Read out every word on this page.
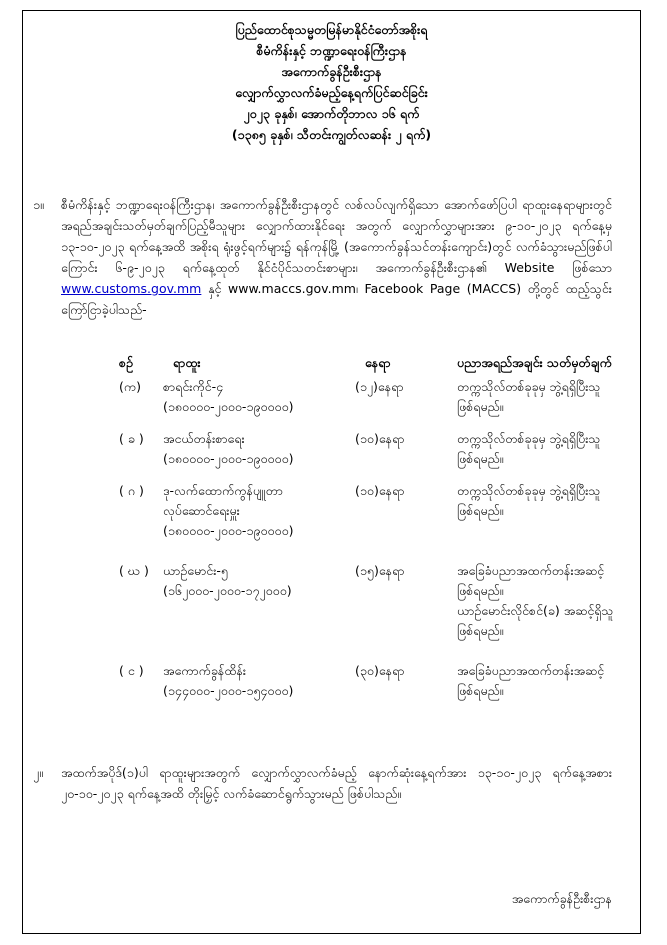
ပြည်ထောင်စုသမ္မတမြန်မာနိုင်ငံတော်အစိုးရ
စီမံကိန်းနှင့် ဘဏ္ဍာရေးဝန်ကြီးဌာန
အကောက်ခွန်ဦးစီးဌာန
လျှောက်လွှာလက်ခံမည့်နေ့ရက်ပြင်ဆင်ခြင်း
၂၀၂၃ ခုနှစ်၊ အောက်တိုဘာလ ၁၆ ရက်
(၁၃၈၅ ခုနှစ်၊ သီတင်းကျွတ်လဆန်း ၂ ရက်)
၁။ စီမံကိန်းနှင့် ဘဏ္ဍာရေးဝန်ကြီးဌာန၊ အကောက်ခွန်ဦးစီးဌာနတွင် လစ်လပ်လျက်ရှိသော အောက်ဖော်ပြပါ ရာထူးနေရာများတွင် အရည်အချင်းသတ်မှတ်ချက်ပြည့်မီသူများ လျှောက်ထားနိုင်ရေး အတွက် လျှောက်လွှာများအား ၉-၁၀-၂၀၂၃ ရက်နေ့မှ ၁၃-၁၀-၂၀၂၃ ရက်နေ့အထိ အစိုးရ ရုံးဖွင့်ရက်များ၌ ရန်ကုန်မြို့ (အကောက်ခွန်သင်တန်းကျောင်း)တွင် လက်ခံသွားမည်ဖြစ်ပါကြောင်း ၆-၉-၂၀၂၃ ရက်နေ့ထုတ် နိုင်ငံပိုင်သတင်းစာများ၊ အကောက်ခွန်ဦးစီးဌာန၏ Website ဖြစ်သော www.customs.gov.mm နှင့် www.maccs.gov.mm၊ Facebook Page (MACCS) တို့တွင် ထည့်သွင်းကြော်ငြာခဲ့ပါသည်-
စဉ်	ရာထူး	နေရာ	ပညာအရည်အချင်း သတ်မှတ်ချက်
(က) စာရင်းကိုင်-၄
(၁၈၀၀၀၀-၂၀၀၀-၁၉၀၀၀၀)
(၁၂)နေရာ	တက္ကသိုလ်တစ်ခုခုမှ ဘွဲ့ရရှိပြီးသူ
ဖြစ်ရမည်။
( ခ ) အငယ်တန်းစာရေး
(၁၈၀၀၀၀-၂၀၀၀-၁၉၀၀၀၀)
(၁၀)နေရာ	တက္ကသိုလ်တစ်ခုခုမှ ဘွဲ့ရရှိပြီးသူ
ဖြစ်ရမည်။
( ဂ ) ဒု-လက်ထောက်ကွန်ပျူတာ
လုပ်ဆောင်ရေးမှူး
(၁၈၀၀၀၀-၂၀၀၀-၁၉၀၀၀၀)
(၁၀)နေရာ	တက္ကသိုလ်တစ်ခုခုမှ ဘွဲ့ရရှိပြီးသူ
ဖြစ်ရမည်။
( ဃ ) ယာဉ်မောင်း-၅
(၁၆၂၀၀၀-၂၀၀၀-၁၇၂၀၀၀)
(၁၅)နေရာ	အခြေခံပညာအထက်တန်းအဆင့်
ဖြစ်ရမည်။
ယာဉ်မောင်းလိုင်စင်(ခ) အဆင့်ရှိသူ
ဖြစ်ရမည်။
( င ) အကောက်ခွန်ထိန်း
(၁၄၄၀၀၀-၂၀၀၀-၁၅၄၀၀၀)
(၃၀)နေရာ	အခြေခံပညာအထက်တန်းအဆင့်
ဖြစ်ရမည်။
၂။ အထက်အပိုဒ်(၁)ပါ ရာထူးများအတွက် လျှောက်လွှာလက်ခံမည့် နောက်ဆုံးနေ့ရက်အား ၁၃-၁၀-၂၀၂၃ ရက်နေ့အစား ၂၀-၁၀-၂၀၂၃ ရက်နေ့အထိ တိုးမြှင့် လက်ခံဆောင်ရွက်သွားမည် ဖြစ်ပါသည်။
အကောက်ခွန်ဦးစီးဌာန
